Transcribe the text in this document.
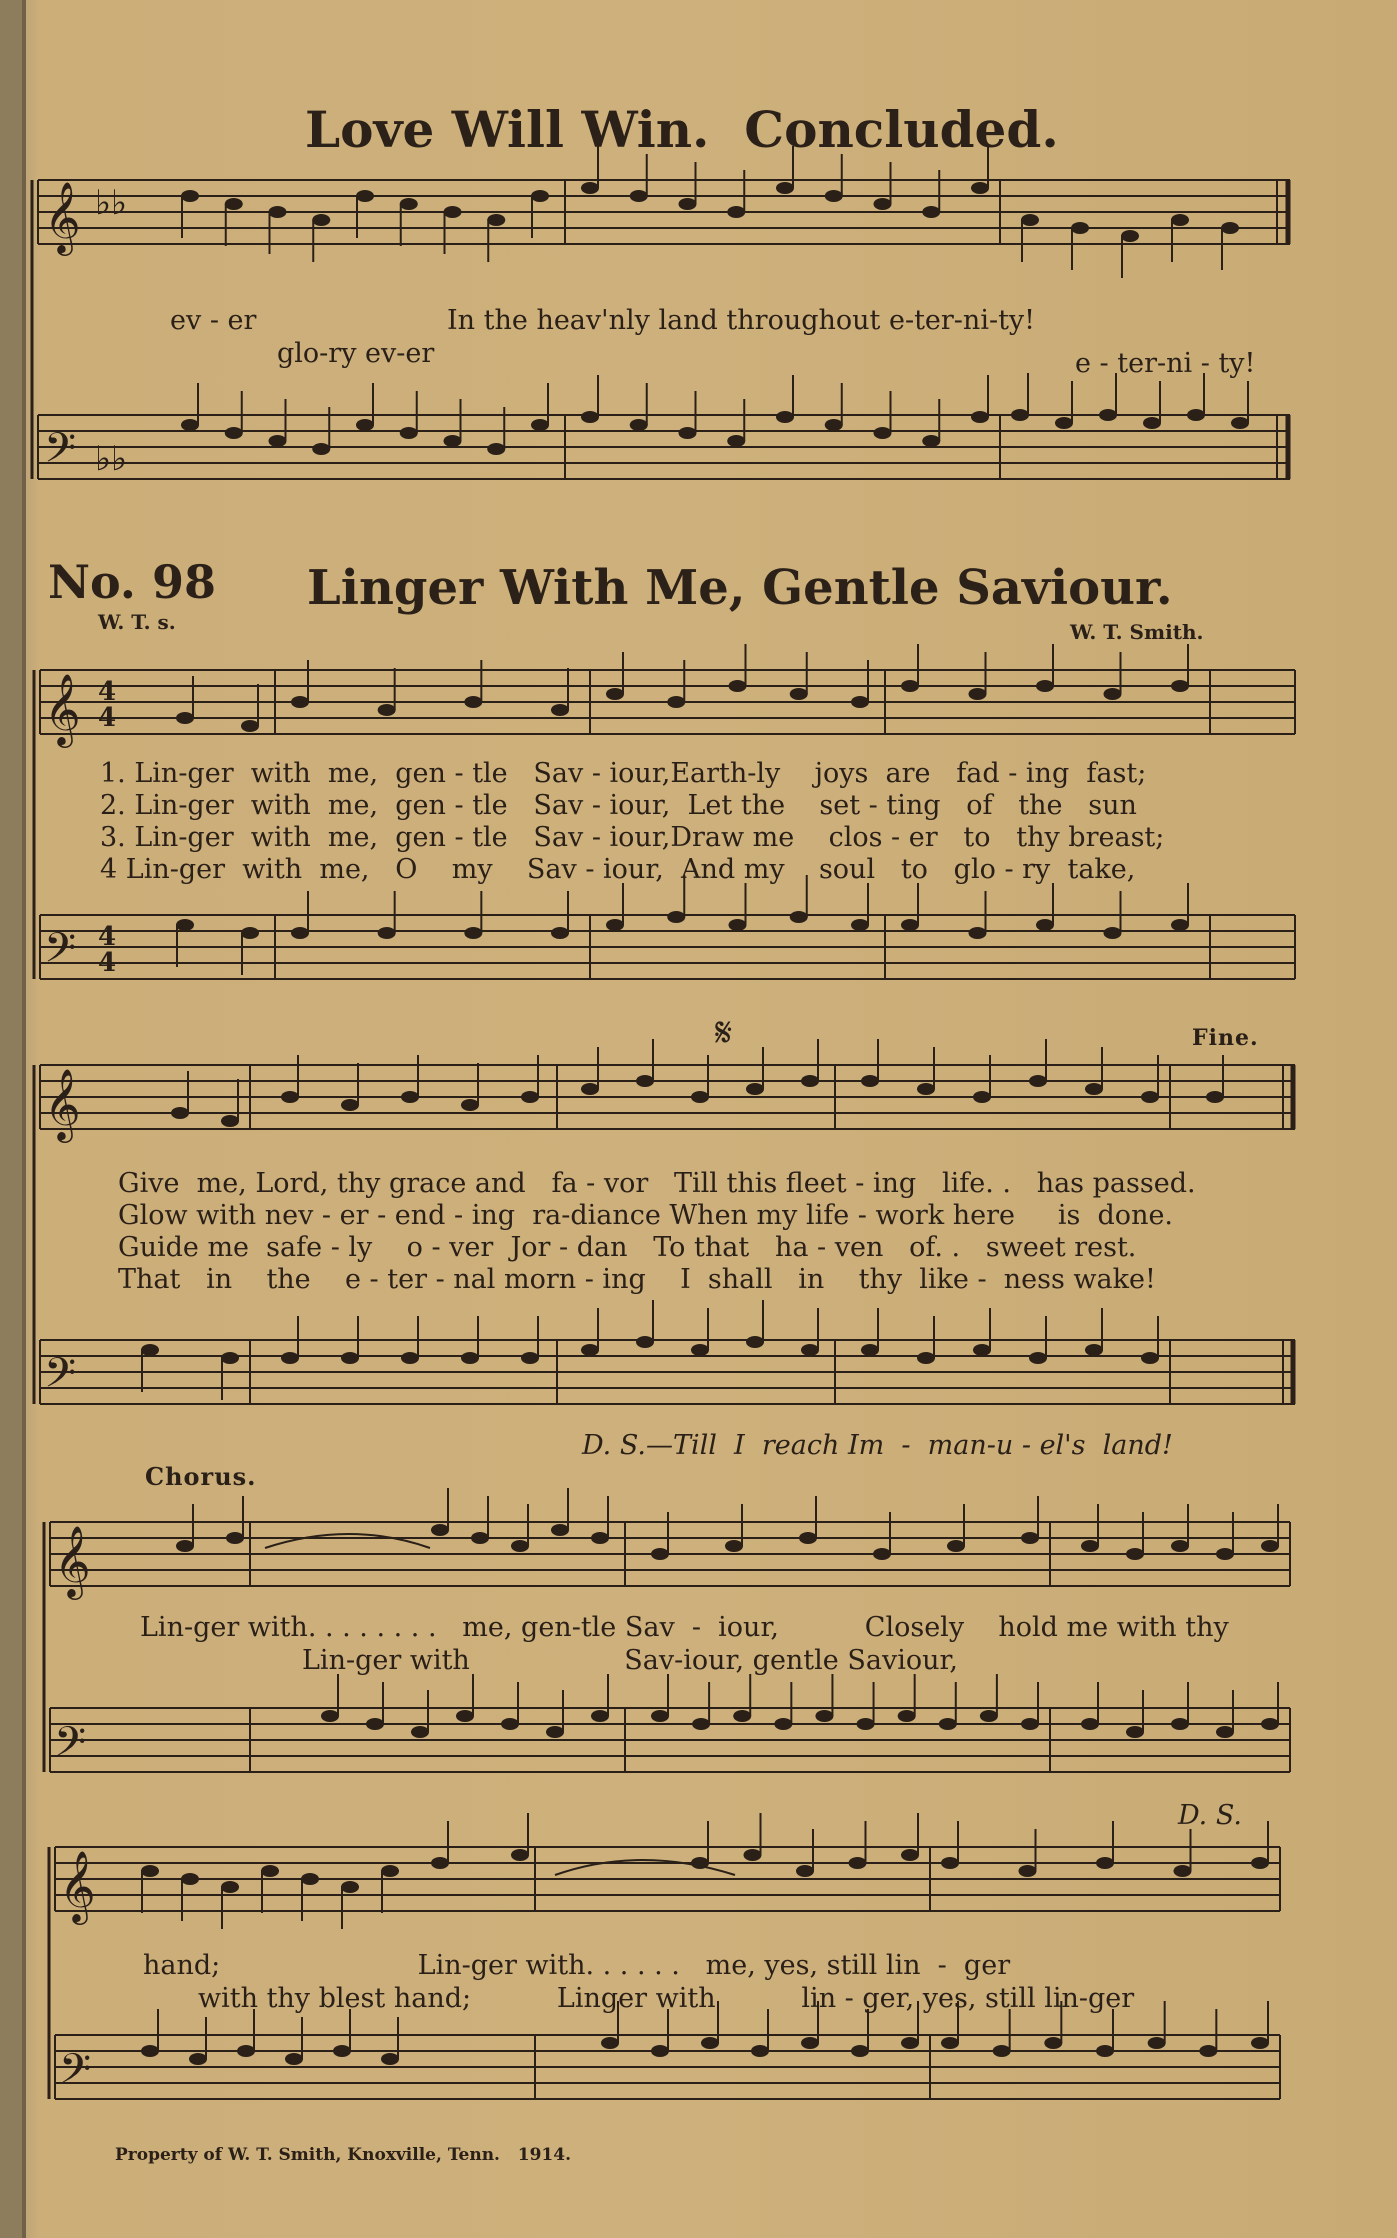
Love Will Win. Concluded.
𝄞 ♭♭
𝄢 ♭♭
ev - er	In the heav'nly land throughout e-ter-ni-ty!
glo-ry ev-er	e - ter-ni - ty!
No. 98 Linger With Me, Gentle Saviour.
W. T. s.	W. T. Smith.
𝄞 4
4
𝄢 4
4
1. Lin-ger  with  me,  gen - tle   Sav - iour,Earth-ly    joys  are   fad - ing  fast;
2. Lin-ger  with  me,  gen - tle   Sav - iour,  Let the    set - ting   of   the   sun
3. Lin-ger  with  me,  gen - tle   Sav - iour,Draw me    clos - er   to   thy breast;
4 Lin-ger  with  me,   O    my    Sav - iour,  And my    soul   to   glo - ry  take,
𝄋	Fine.
𝄞
𝄢
Give  me, Lord, thy grace and   fa - vor   Till this fleet - ing   life. .   has passed.
Glow with nev - er - end - ing  ra-diance When my life - work here     is  done.
Guide me  safe - ly    o - ver  Jor - dan   To that   ha - ven   of. .   sweet rest.
That   in    the    e - ter - nal morn - ing    I  shall   in    thy  like -  ness wake!
D. S.—Till  I  reach Im  -  man-u - el's  land!
Chorus.
𝄞
𝄢
Lin-ger with. . . . . . . .   me, gen-tle Sav  -  iour,          Closely    hold me with thy
Lin-ger with                  Sav-iour, gentle Saviour,
D. S.
𝄞
𝄢
hand;                       Lin-ger with. . . . . .   me, yes, still lin  -  ger
with thy blest hand;          Linger with          lin - ger, yes, still lin-ger
Property of W. T. Smith, Knoxville, Tenn. 1914.
